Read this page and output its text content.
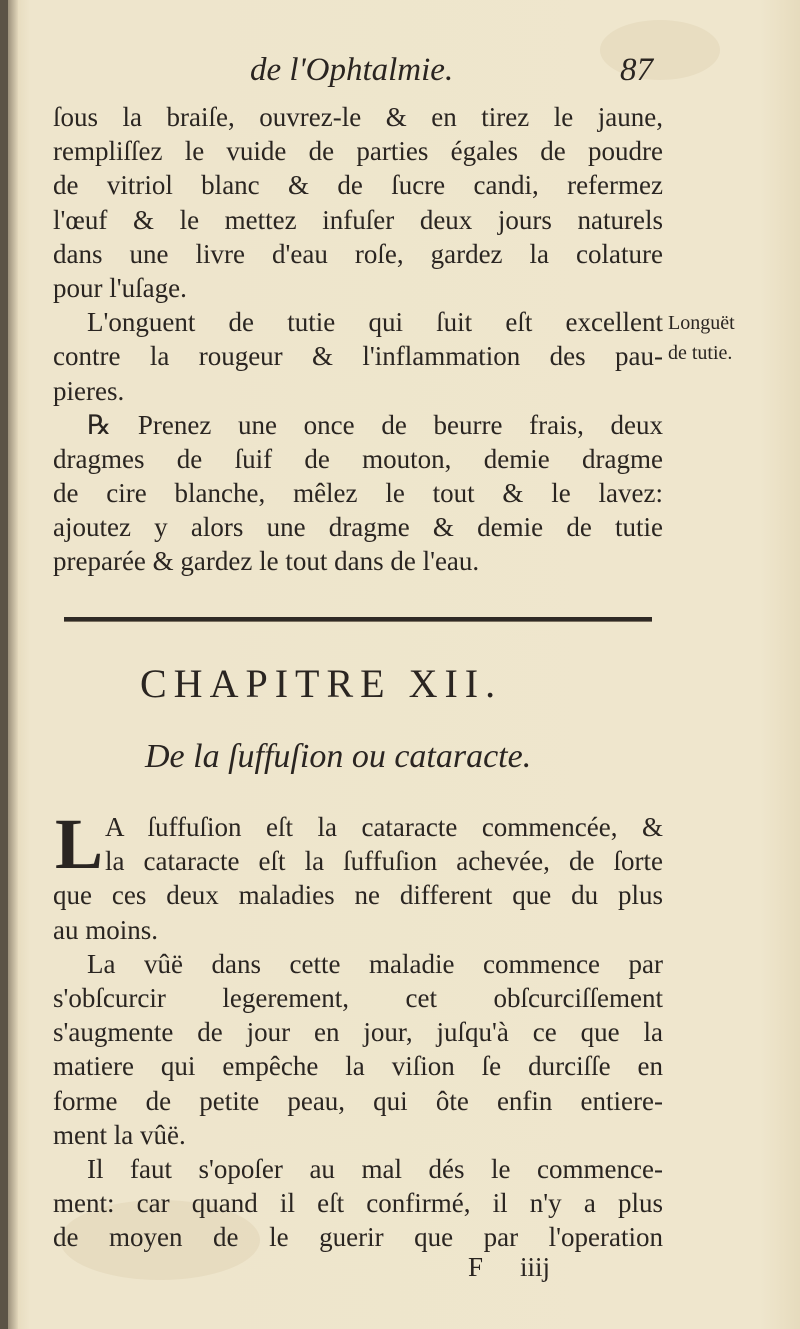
de l'Ophtalmie.	87
ſous la braiſe, ouvrez-le & en tirez le jaune,
rempliſſez le vuide de parties égales de poudre
de vitriol blanc & de ſucre candi, refermez
l'œuf & le mettez infuſer deux jours naturels
dans une livre d'eau roſe, gardez la colature
pour l'uſage.
L'onguent de tutie qui ſuit eſt excellent
contre la rougeur & l'inflammation des pau-
pieres.
℞ Prenez une once de beurre frais, deux
dragmes de ſuif de mouton, demie dragme
de cire blanche, mêlez le tout & le lavez:
ajoutez y alors une dragme & demie de tutie
preparée & gardez le tout dans de l'eau.
Longuët
de tutie.
CHAPITRE XII.
De la ſuffuſion ou cataracte.
L A ſuffuſion eſt la cataracte commencée, &
la cataracte eſt la ſuffuſion achevée, de ſorte
que ces deux maladies ne different que du plus
au moins.
La vûë dans cette maladie commence par
s'obſcurcir legerement, cet obſcurciſſement
s'augmente de jour en jour, juſqu'à ce que la
matiere qui empêche la viſion ſe durciſſe en
forme de petite peau, qui ôte enfin entiere-
ment la vûë.
Il faut s'opoſer au mal dés le commence-
ment: car quand il eſt confirmé, il n'y a plus
de moyen de le guerir que par l'operation
F iiij
